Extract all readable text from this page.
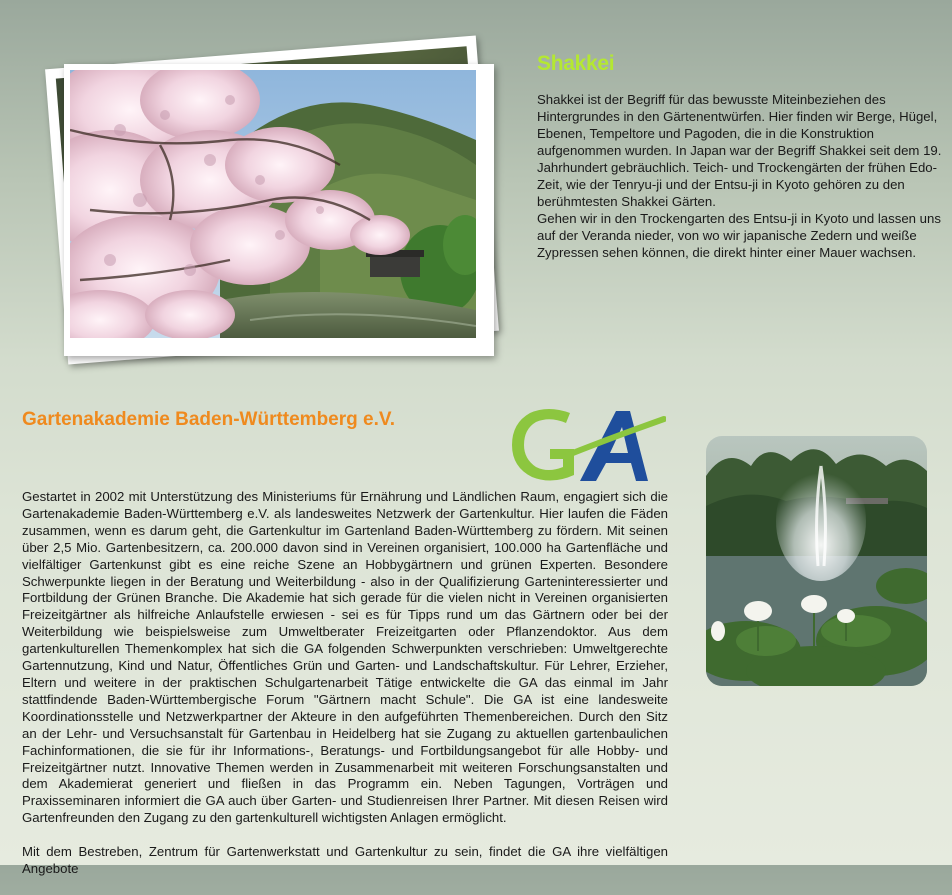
Shakkei

Shakkei ist der Begriff für das bewusste Miteinbeziehen des Hintergrundes in den Gärtenentwürfen. Hier finden wir Berge, Hügel, Ebenen, Tempeltore und Pagoden, die in die Konstruktion aufgenommen wurden. In Japan war der Begriff Shakkei seit dem 19. Jahrhundert gebräuchlich. Teich- und Trockengärten der frühen Edo-Zeit, wie der Tenryu-ji und der Entsu-ji in Kyoto gehören zu den berühmtesten Shakkei Gärten.

Gehen wir in den Trockengarten des Entsu-ji in Kyoto und lassen uns auf der Veranda nieder, von wo wir japanische Zedern und weiße Zypressen sehen können, die direkt hinter einer Mauer wachsen.

Gartenakademie Baden-Württemberg e.V.
GA

Gestartet in 2002 mit Unterstützung des Ministeriums für Ernährung und Ländlichen Raum, engagiert sich die Gartenakademie Baden-Württemberg e.V. als landesweites Netzwerk der Gartenkultur. Hier laufen die Fäden zusammen, wenn es darum geht, die Gartenkultur im Gartenland Baden-Württemberg zu fördern. Mit seinen über 2,5 Mio. Gartenbesitzern, ca. 200.000 davon sind in Vereinen organisiert, 100.000 ha Gartenfläche und vielfältiger Gartenkunst gibt es eine reiche Szene an Hobbygärtnern und grünen Experten. Besondere Schwerpunkte liegen in der Beratung und Weiterbildung - also in der Qualifizierung Garteninteressierter und Fortbildung der Grünen Branche. Die Akademie hat sich gerade für die vielen nicht in Vereinen organisierten Freizeitgärtner als hilfreiche Anlaufstelle erwiesen - sei es für Tipps rund um das Gärtnern oder bei der Weiterbildung wie beispielsweise zum Umweltberater Freizeitgarten oder Pflanzendoktor. Aus dem gartenkulturellen Themenkomplex hat sich die GA folgenden Schwerpunkten verschrieben: Umweltgerechte Gartennutzung, Kind und Natur, Öffentliches Grün und Garten- und Landschaftskultur. Für Lehrer, Erzieher, Eltern und weitere in der praktischen Schulgartenarbeit Tätige entwickelte die GA das einmal im Jahr stattfindende Baden-Württembergische Forum "Gärtnern macht Schule". Die GA ist eine landesweite Koordinationsstelle und Netzwerkpartner der Akteure in den aufgeführten Themenbereichen. Durch den Sitz an der Lehr- und Versuchsanstalt für Gartenbau in Heidelberg hat sie Zugang zu aktuellen gartenbaulichen Fachinformationen, die sie für ihr Informations-, Beratungs- und Fortbildungsangebot für alle Hobby- und Freizeitgärtner nutzt. Innovative Themen werden in Zusammenarbeit mit weiteren Forschungsanstalten und dem Akademierat generiert und fließen in das Programm ein. Neben Tagungen, Vorträgen und Praxisseminaren informiert die GA auch über Garten- und Studienreisen Ihrer Partner. Mit diesen Reisen wird Gartenfreunden den Zugang zu den gartenkulturell wichtigsten Anlagen ermöglicht.

Mit dem Bestreben, Zentrum für Gartenwerkstatt und Gartenkultur zu sein, findet die GA ihre vielfältigen Angebote
